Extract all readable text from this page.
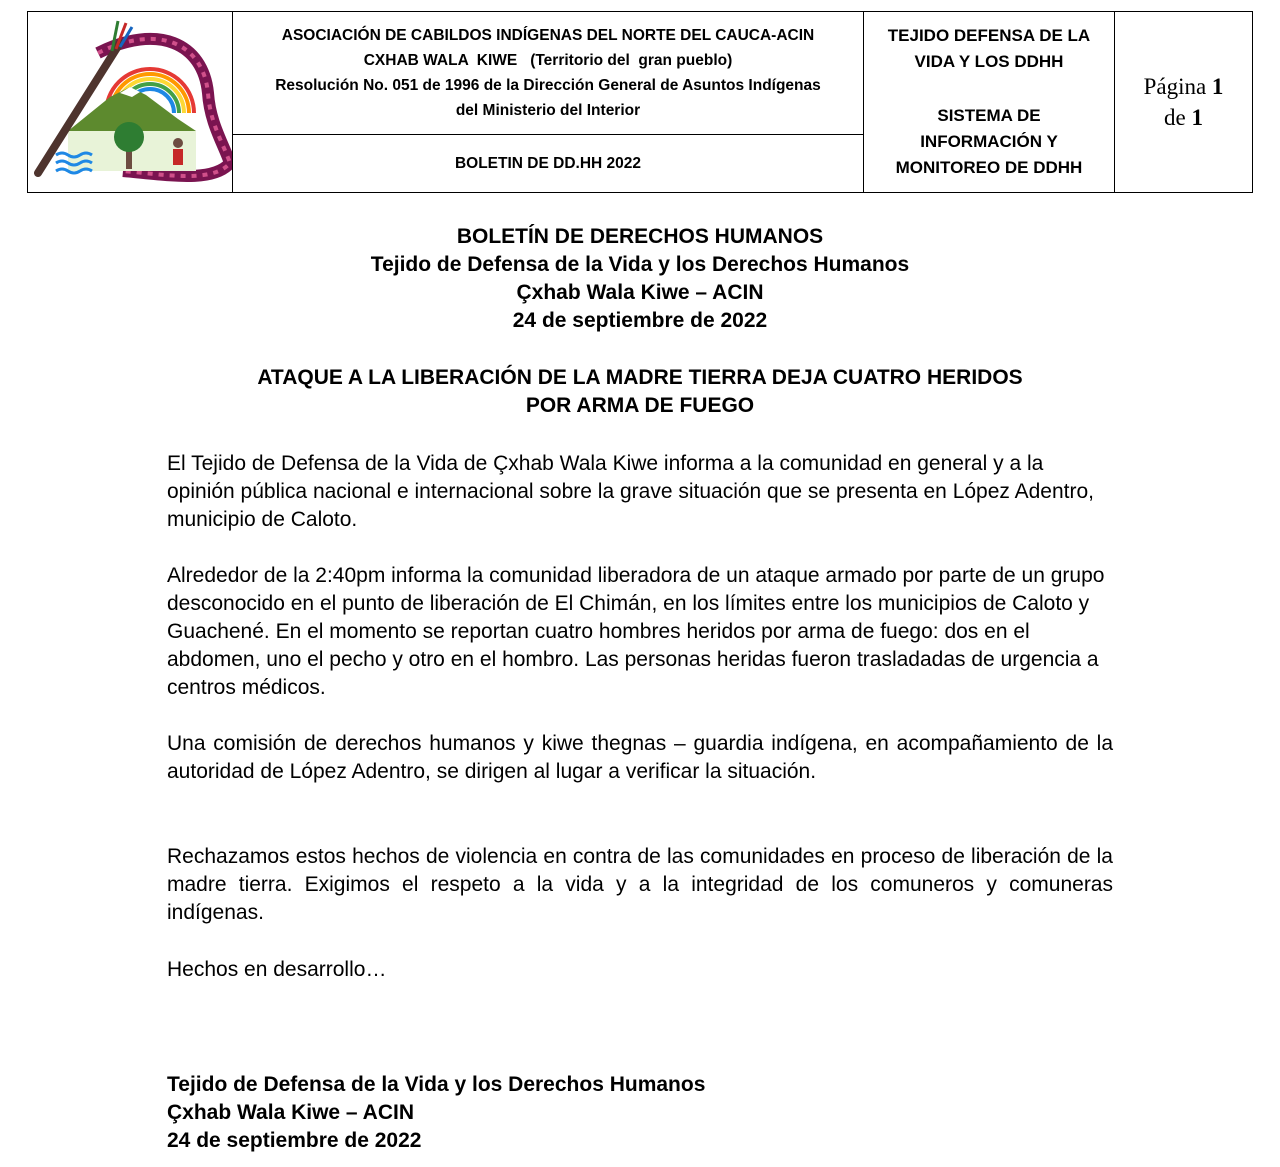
ASOCIACIÓN DE CABILDOS INDÍGENAS DEL NORTE DEL CAUCA-ACIN
CXHAB WALA  KIWE   (Territorio del  gran pueblo)
Resolución No. 051 de 1996 de la Dirección General de Asuntos Indígenas
del Ministerio del Interior

TEJIDO DEFENSA DE LA
VIDA Y LOS DDHH
SISTEMA DE
INFORMACIÓN Y
MONITOREO DE DDHH

Página 1
de 1

BOLETIN DE DD.HH 2022
BOLETÍN DE DERECHOS HUMANOS
Tejido de Defensa de la Vida y los Derechos Humanos
Çxhab Wala Kiwe – ACIN
24 de septiembre de 2022
ATAQUE A LA LIBERACIÓN DE LA MADRE TIERRA DEJA CUATRO HERIDOS
POR ARMA DE FUEGO

El Tejido de Defensa de la Vida de Çxhab Wala Kiwe informa a la comunidad en general y a la opinión pública nacional e internacional sobre la grave situación que se presenta en López Adentro, municipio de Caloto.

Alrededor de la 2:40pm informa la comunidad liberadora de un ataque armado por parte de un grupo desconocido en el punto de liberación de El Chimán, en los límites entre los municipios de Caloto y Guachené. En el momento se reportan cuatro hombres heridos por arma de fuego: dos en el abdomen, uno el pecho y otro en el hombro. Las personas heridas fueron trasladadas de urgencia a centros médicos.

Una comisión de derechos humanos y kiwe thegnas – guardia indígena, en acompañamiento de la autoridad de López Adentro, se dirigen al lugar a verificar la situación.

Rechazamos estos hechos de violencia en contra de las comunidades en proceso de liberación de la madre tierra. Exigimos el respeto a la vida y a la integridad de los comuneros y comuneras indígenas.

Hechos en desarrollo…

Tejido de Defensa de la Vida y los Derechos Humanos
Çxhab Wala Kiwe – ACIN
24 de septiembre de 2022
